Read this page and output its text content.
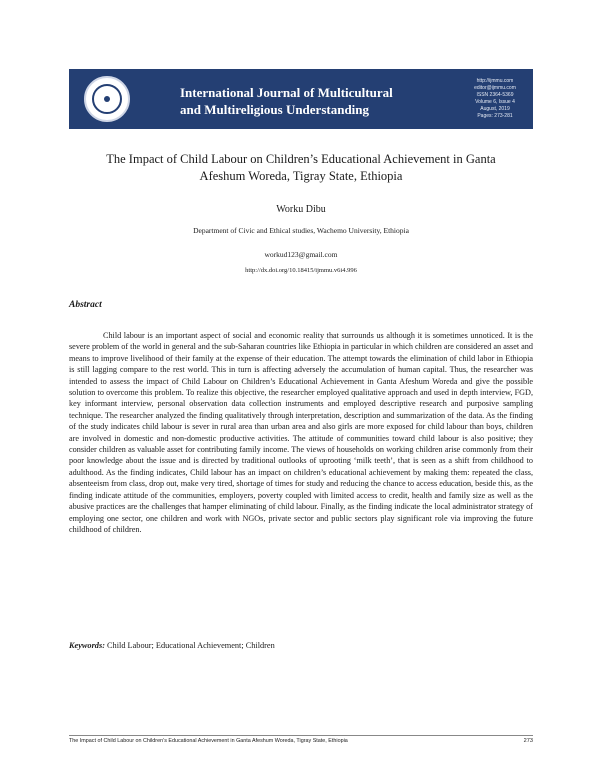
International Journal of Multicultural
and Multireligious Understanding
http://ijmmu.com
editor@ijmmu.com
ISSN 2364-5369
Volume 6, Issue 4
August, 2019
Pages: 273-281
The Impact of Child Labour on Children’s Educational Achievement in Ganta
Afeshum Woreda, Tigray State, Ethiopia
Worku Dibu
Department of Civic and Ethical studies, Wachemo University, Ethiopia
workud123@gmail.com
http://dx.doi.org/10.18415/ijmmu.v6i4.996
Abstract

Child labour is an important aspect of social and economic reality that surrounds us although it is sometimes unnoticed. It is the severe problem of the world in general and the sub-Saharan countries like Ethiopia in particular in which children are considered an asset and means to improve livelihood of their family at the expense of their education. The attempt towards the elimination of child labor in Ethiopia is still lagging compare to the rest world. This in turn is affecting adversely the accumulation of human capital. Thus, the researcher was intended to assess the impact of Child Labour on Children’s Educational Achievement in Ganta Afeshum Woreda and give the possible solution to overcome this problem. To realize this objective, the researcher employed qualitative approach and used in depth interview, FGD, key informant interview, personal observation data collection instruments and employed descriptive research and purposive sampling technique. The researcher analyzed the finding qualitatively through interpretation, description and summarization of the data. As the finding of the study indicates child labour is sever in rural area than urban area and also girls are more exposed for child labour than boys, children are involved in domestic and non-domestic productive activities. The attitude of communities toward child labour is also positive; they consider children as valuable asset for contributing family income. The views of households on working children arise commonly from their poor knowledge about the issue and is directed by traditional outlooks of uprooting ‘milk teeth’, that is seen as a shift from childhood to adulthood. As the finding indicates, Child labour has an impact on children’s educational achievement by making them: repeated the class, absenteeism from class, drop out, make very tired, shortage of times for study and reducing the chance to access education, beside this, as the finding indicate attitude of the communities, employers, poverty coupled with limited access to credit, health and family size as well as the abusive practices are the challenges that hamper eliminating of child labour. Finally, as the finding indicate the local administrator strategy of employing one sector, one children and work with NGOs, private sector and public sectors play significant role via improving the future childhood of children.

Keywords: Child Labour; Educational Achievement; Children
The Impact of Child Labour on Children’s Educational Achievement in Ganta Afeshum Woreda, Tigray State, Ethiopia	273
